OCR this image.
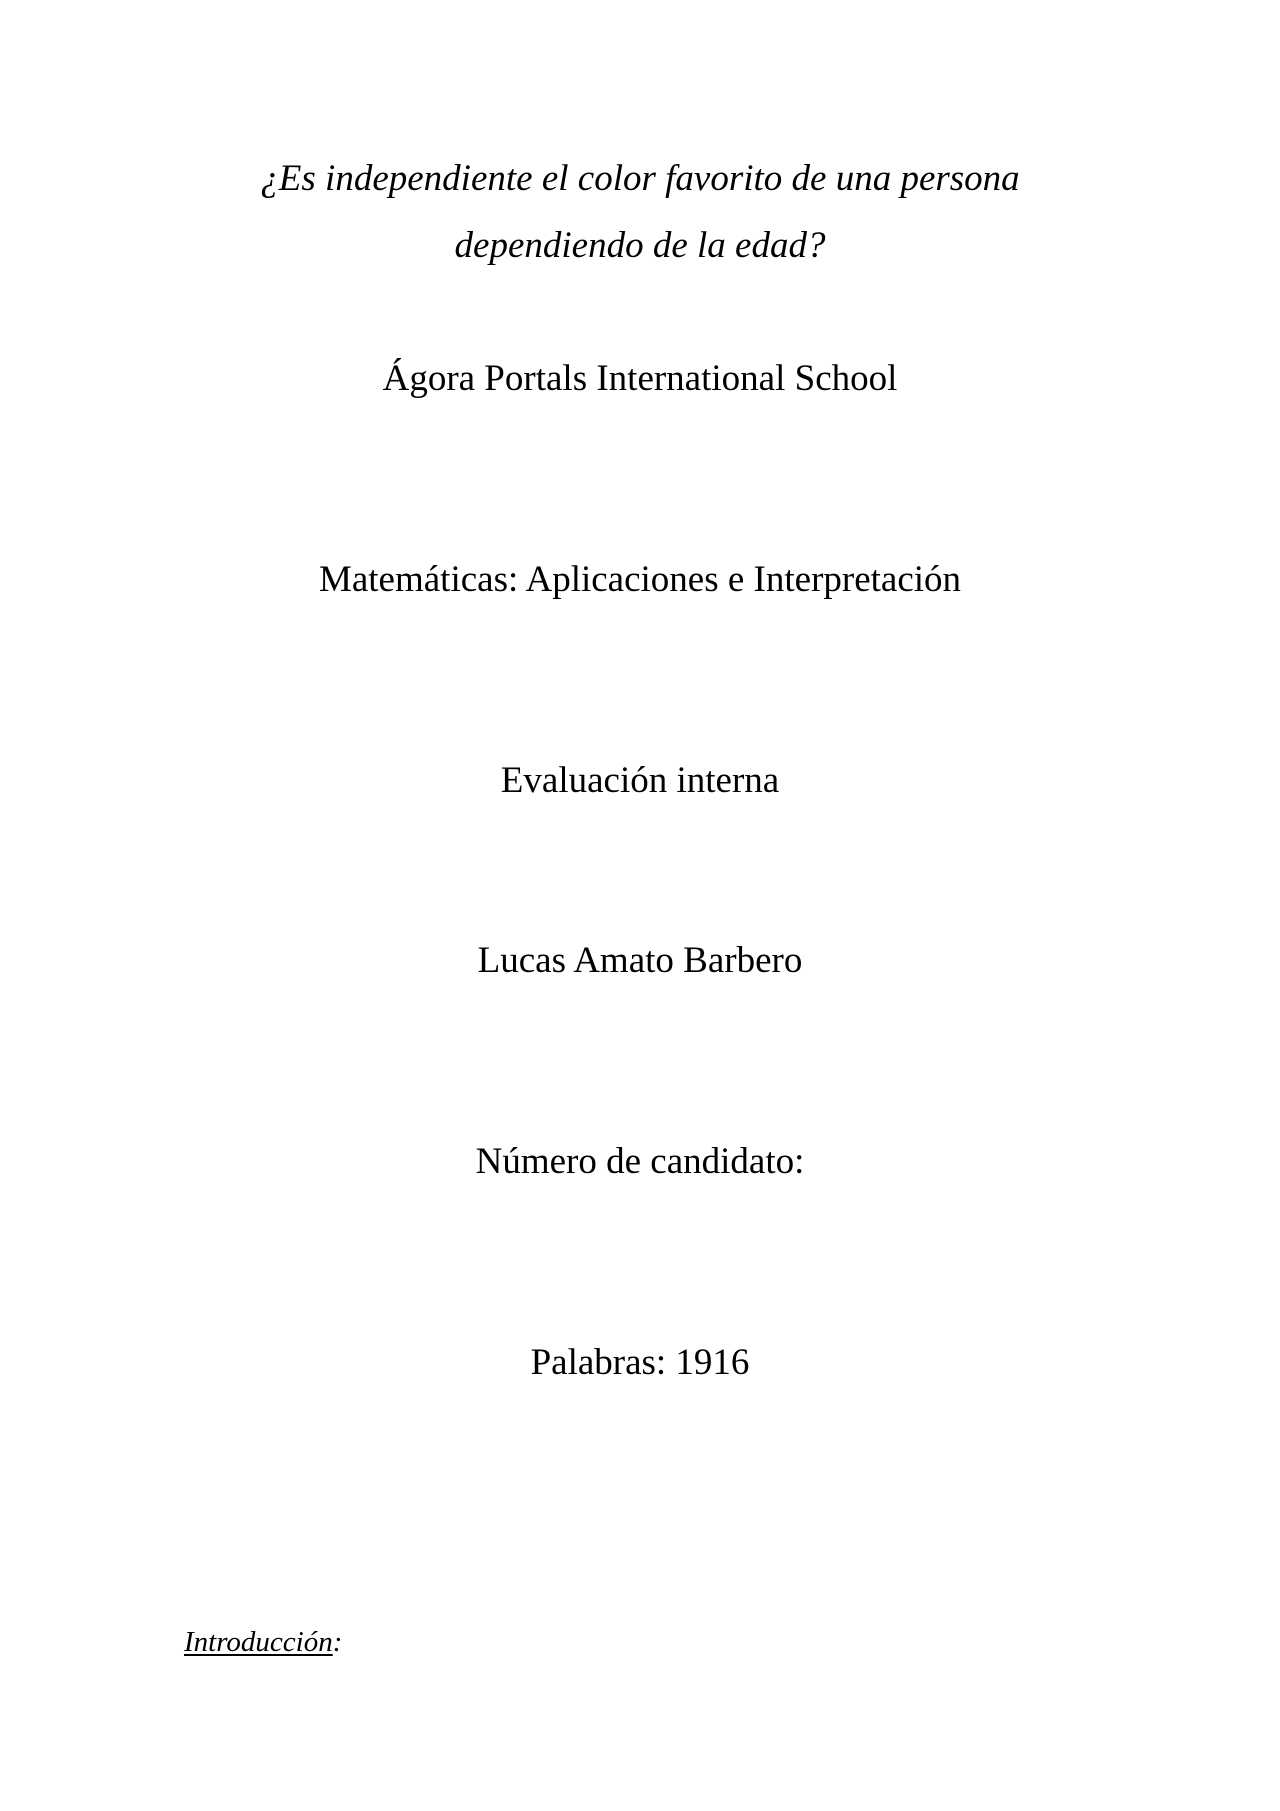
¿Es independiente el color favorito de una persona
dependiendo de la edad?
Ágora Portals International School
Matemáticas: Aplicaciones e Interpretación
Evaluación interna
Lucas Amato Barbero
Número de candidato:
Palabras: 1916
Introducción:
